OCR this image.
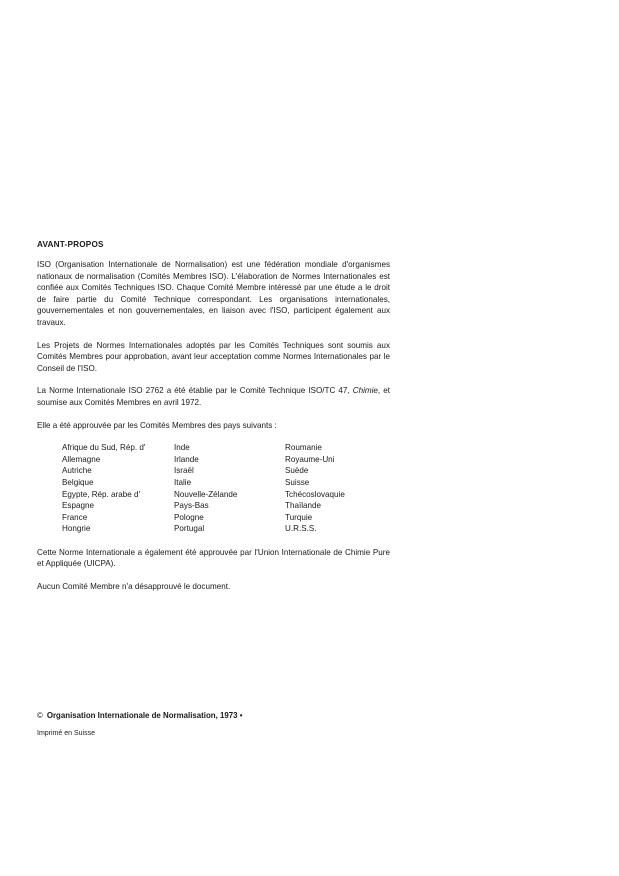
AVANT-PROPOS

ISO (Organisation Internationale de Normalisation) est une fédération mondiale d'organismes nationaux de normalisation (Comités Membres ISO). L'élaboration de Normes Internationales est confiée aux Comités Techniques ISO. Chaque Comité Membre intéressé par une étude a le droit de faire partie du Comité Technique correspondant. Les organisations internationales, gouvernementales et non gouvernementales, en liaison avec l'ISO, participent également aux travaux.

Les Projets de Normes Internationales adoptés par les Comités Techniques sont soumis aux Comités Membres pour approbation, avant leur acceptation comme Normes Internationales par le Conseil de l'ISO.

La Norme Internationale ISO 2762 a été établie par le Comité Technique ISO/TC 47, Chimie, et soumise aux Comités Membres en avril 1972.

Elle a été approuvée par les Comités Membres des pays suivants :

Afrique du Sud, Rép. d'
Allemagne
Autriche
Belgique
Egypte, Rép. arabe d'
Espagne
France
Hongrie
Inde
Irlande
Israël
Italie
Nouvelle-Zélande
Pays-Bas
Pologne
Portugal
Roumanie
Royaume-Uni
Suède
Suisse
Tchécoslovaquie
Thaïlande
Turquie
U.R.S.S.

Cette Norme Internationale a également été approuvée par l'Union Internationale de Chimie Pure et Appliquée (UICPA).

Aucun Comité Membre n'a désapprouvé le document.

© Organisation Internationale de Normalisation, 1973 •
Imprimé en Suisse
